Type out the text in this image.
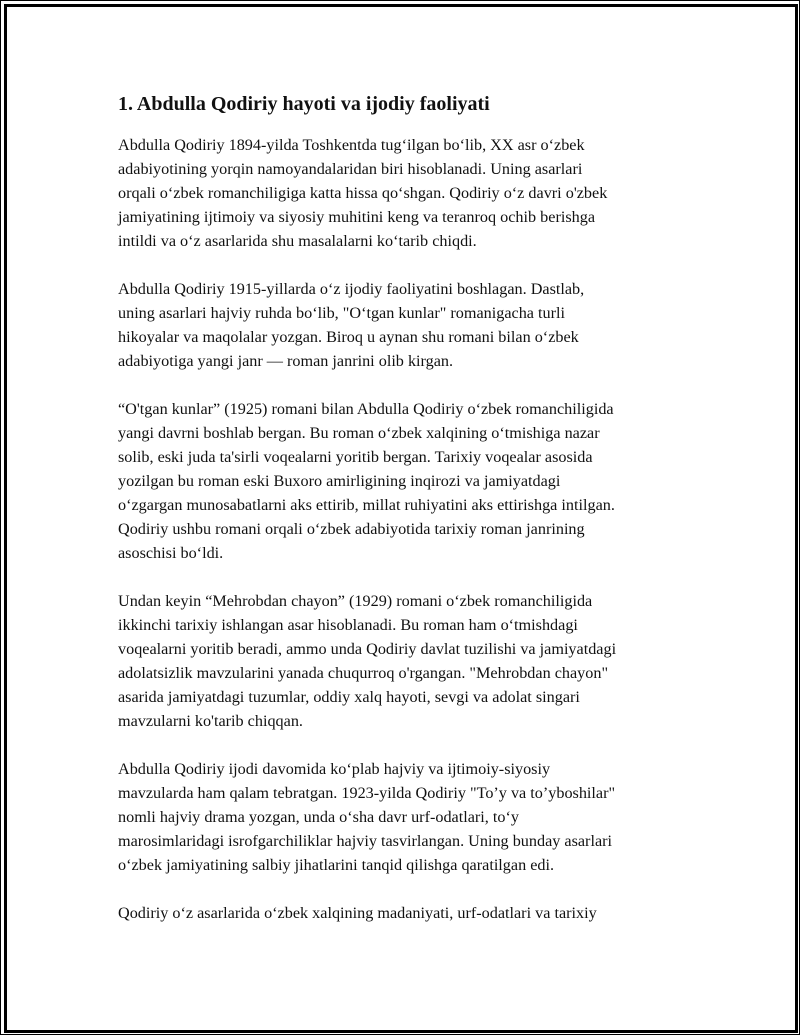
1. Abdulla Qodiriy hayoti va ijodiy faoliyati

Abdulla Qodiriy 1894-yilda Toshkentda tug‘ilgan bo‘lib, XX asr o‘zbek
adabiyotining yorqin namoyandalaridan biri hisoblanadi. Uning asarlari
orqali o‘zbek romanchiligiga katta hissa qo‘shgan. Qodiriy o‘z davri o'zbek
jamiyatining ijtimoiy va siyosiy muhitini keng va teranroq ochib berishga
intildi va o‘z asarlarida shu masalalarni ko‘tarib chiqdi.

Abdulla Qodiriy 1915-yillarda o‘z ijodiy faoliyatini boshlagan. Dastlab,
uning asarlari hajviy ruhda bo‘lib, "O‘tgan kunlar" romanigacha turli
hikoyalar va maqolalar yozgan. Biroq u aynan shu romani bilan o‘zbek
adabiyotiga yangi janr — roman janrini olib kirgan.

“O'tgan kunlar” (1925) romani bilan Abdulla Qodiriy o‘zbek romanchiligida
yangi davrni boshlab bergan. Bu roman o‘zbek xalqining o‘tmishiga nazar
solib, eski juda ta'sirli voqealarni yoritib bergan. Tarixiy voqealar asosida
yozilgan bu roman eski Buxoro amirligining inqirozi va jamiyatdagi
o‘zgargan munosabatlarni aks ettirib, millat ruhiyatini aks ettirishga intilgan.
Qodiriy ushbu romani orqali o‘zbek adabiyotida tarixiy roman janrining
asoschisi bo‘ldi.

Undan keyin “Mehrobdan chayon” (1929) romani o‘zbek romanchiligida
ikkinchi tarixiy ishlangan asar hisoblanadi. Bu roman ham o‘tmishdagi
voqealarni yoritib beradi, ammo unda Qodiriy davlat tuzilishi va jamiyatdagi
adolatsizlik mavzularini yanada chuqurroq o'rgangan. "Mehrobdan chayon"
asarida jamiyatdagi tuzumlar, oddiy xalq hayoti, sevgi va adolat singari
mavzularni ko'tarib chiqqan.

Abdulla Qodiriy ijodi davomida ko‘plab hajviy va ijtimoiy-siyosiy
mavzularda ham qalam tebratgan. 1923-yilda Qodiriy "To’y va to’yboshilar"
nomli hajviy drama yozgan, unda o‘sha davr urf-odatlari, to‘y
marosimlaridagi isrofgarchiliklar hajviy tasvirlangan. Uning bunday asarlari
o‘zbek jamiyatining salbiy jihatlarini tanqid qilishga qaratilgan edi.

Qodiriy o‘z asarlarida o‘zbek xalqining madaniyati, urf-odatlari va tarixiy
